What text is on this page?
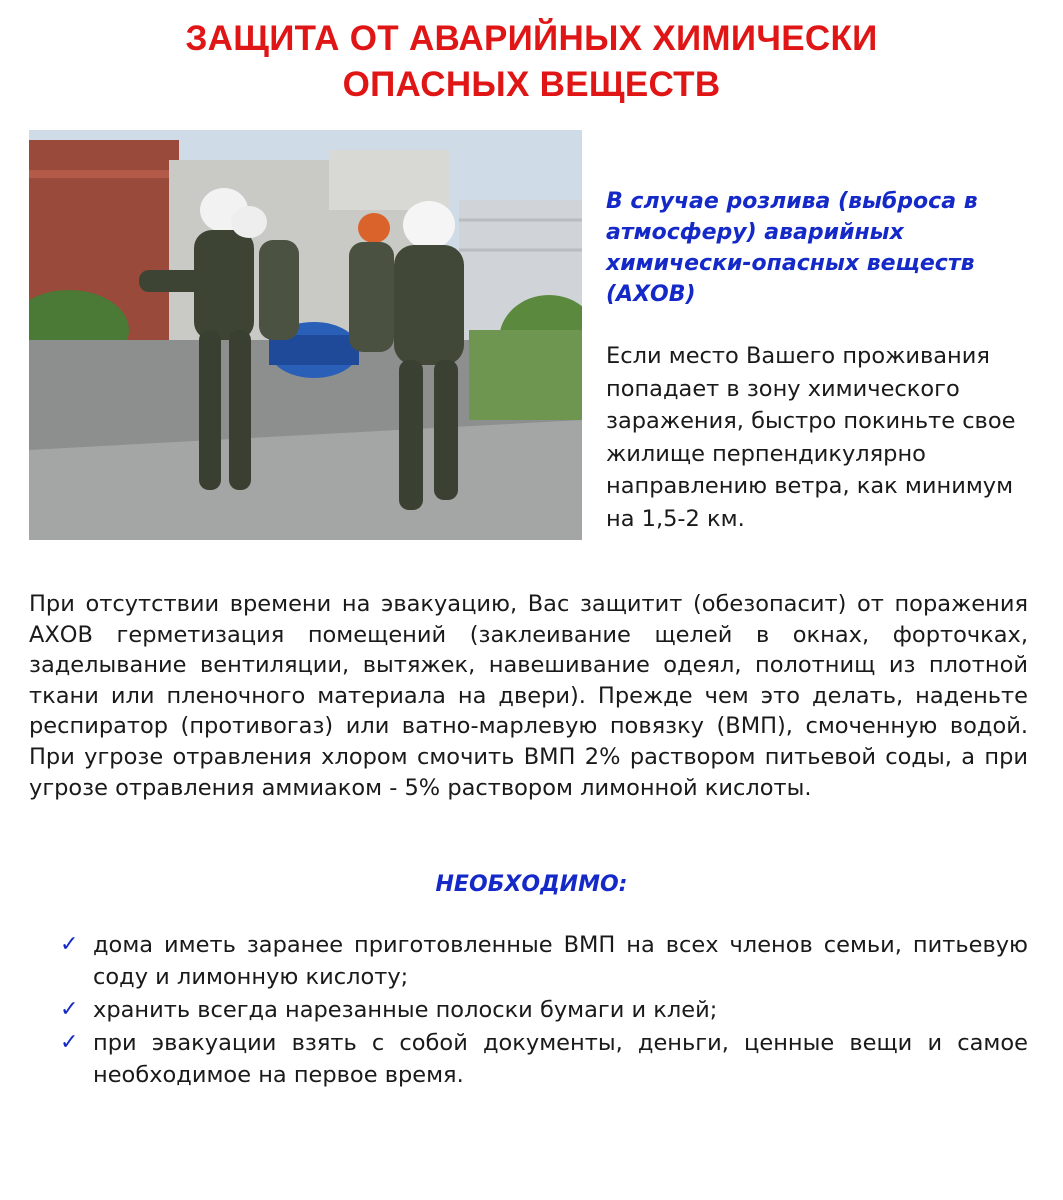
ЗАЩИТА ОТ АВАРИЙНЫХ ХИМИЧЕСКИ
ОПАСНЫХ ВЕЩЕСТВ
В случае розлива (выброса в атмосферу) аварийных химически-опасных веществ (АХОВ)
Если место Вашего проживания попадает в зону химического заражения, быстро покиньте свое жилище перпендикулярно направлению ветра, как минимум на 1,5-2 км.
При отсутствии времени на эвакуацию, Вас защитит (обезопасит) от поражения АХОВ герметизация помещений (заклеивание щелей в окнах, форточках, заделывание вентиляции, вытяжек, навешивание одеял, полотнищ из плотной ткани или пленочного материала на двери). Прежде чем это делать, наденьте респиратор (противогаз) или ватно-марлевую повязку (ВМП), смоченную водой. При угрозе отравления хлором смочить ВМП 2% раствором питьевой соды, а при угрозе отравления аммиаком - 5% раствором лимонной кислоты.
НЕОБХОДИМО:
✓ дома иметь заранее приготовленные ВМП на всех членов семьи, питьевую соду и лимонную кислоту;
✓ хранить всегда нарезанные полоски бумаги и клей;
✓ при эвакуации взять с собой документы, деньги, ценные вещи и самое необходимое на первое время.
